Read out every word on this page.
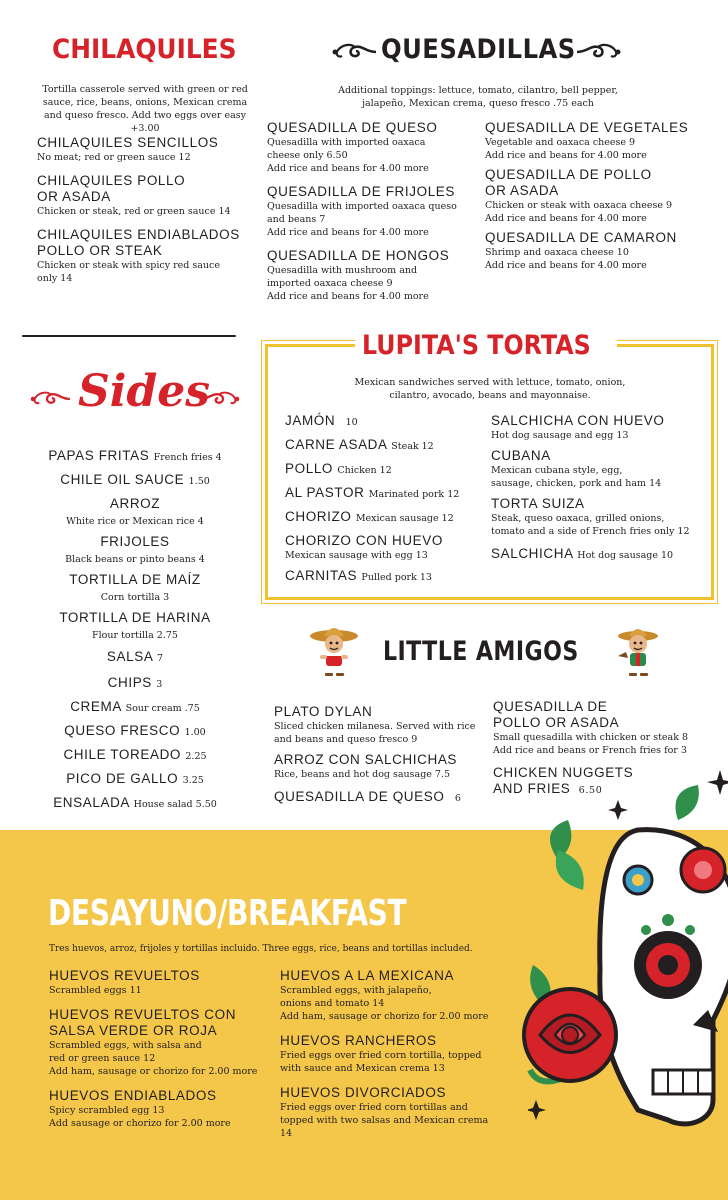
CHILAQUILES
Tortilla casserole served with green or red sauce, rice, beans, onions, Mexican crema and queso fresco. Add two eggs over easy +3.00
CHILAQUILES SENCILLOS
No meat; red or green sauce 12
CHILAQUILES POLLO OR ASADA
Chicken or steak, red or green sauce 14
CHILAQUILES ENDIABLADOS POLLO OR STEAK
Chicken or steak with spicy red sauce only 14
QUESADILLAS
Additional toppings: lettuce, tomato, cilantro, bell pepper, jalapeño, Mexican crema, queso fresco .75 each
QUESADILLA DE QUESO
Quesadilla with imported oaxaca cheese only 6.50
Add rice and beans for 4.00 more
QUESADILLA DE FRIJOLES
Quesadilla with imported oaxaca queso and beans 7
Add rice and beans for 4.00 more
QUESADILLA DE HONGOS
Quesadilla with mushroom and imported oaxaca cheese 9
Add rice and beans for 4.00 more
QUESADILLA DE VEGETALES
Vegetable and oaxaca cheese 9
Add rice and beans for 4.00 more
QUESADILLA DE POLLO OR ASADA
Chicken or steak with oaxaca cheese 9
Add rice and beans for 4.00 more
QUESADILLA DE CAMARON
Shrimp and oaxaca cheese 10
Add rice and beans for 4.00 more
Sides
PAPAS FRITAS French fries 4
CHILE OIL SAUCE 1.50
ARROZ
White rice or Mexican rice 4
FRIJOLES
Black beans or pinto beans 4
TORTILLA DE MAÍZ
Corn tortilla 3
TORTILLA DE HARINA
Flour tortilla 2.75
SALSA 7
CHIPS 3
CREMA Sour cream .75
QUESO FRESCO 1.00
CHILE TOREADO 2.25
PICO DE GALLO 3.25
ENSALADA House salad 5.50
LUPITA'S TORTAS
Mexican sandwiches served with lettuce, tomato, onion, cilantro, avocado, beans and mayonnaise.
JAMÓN 10
CARNE ASADA Steak 12
POLLO Chicken 12
AL PASTOR Marinated pork 12
CHORIZO Mexican sausage 12
CHORIZO CON HUEVO
Mexican sausage with egg 13
CARNITAS Pulled pork 13
SALCHICHA CON HUEVO
Hot dog sausage and egg 13
CUBANA
Mexican cubana style, egg, sausage, chicken, pork and ham 14
TORTA SUIZA
Steak, queso oaxaca, grilled onions, tomato and a side of French fries only 12
SALCHICHA Hot dog sausage 10
LITTLE AMIGOS
PLATO DYLAN
Sliced chicken milanesa. Served with rice and beans and queso fresco 9
ARROZ CON SALCHICHAS
Rice, beans and hot dog sausage 7.5
QUESADILLA DE QUESO 6
QUESADILLA DE POLLO OR ASADA
Small quesadilla with chicken or steak 8
Add rice and beans or French fries for 3
CHICKEN NUGGETS AND FRIES 6.50
DESAYUNO/BREAKFAST
Tres huevos, arroz, frijoles y tortillas incluido. Three eggs, rice, beans and tortillas included.
HUEVOS REVUELTOS
Scrambled eggs 11
HUEVOS REVUELTOS CON SALSA VERDE OR ROJA
Scrambled eggs, with salsa and red or green sauce 12
Add ham, sausage or chorizo for 2.00 more
HUEVOS ENDIABLADOS
Spicy scrambled egg 13
Add sausage or chorizo for 2.00 more
HUEVOS A LA MEXICANA
Scrambled eggs, with jalapeño, onions and tomato 14
Add ham, sausage or chorizo for 2.00 more
HUEVOS RANCHEROS
Fried eggs over fried corn tortilla, topped with sauce and Mexican crema 13
HUEVOS DIVORCIADOS
Fried eggs over fried corn tortillas and topped with two salsas and Mexican crema 14
